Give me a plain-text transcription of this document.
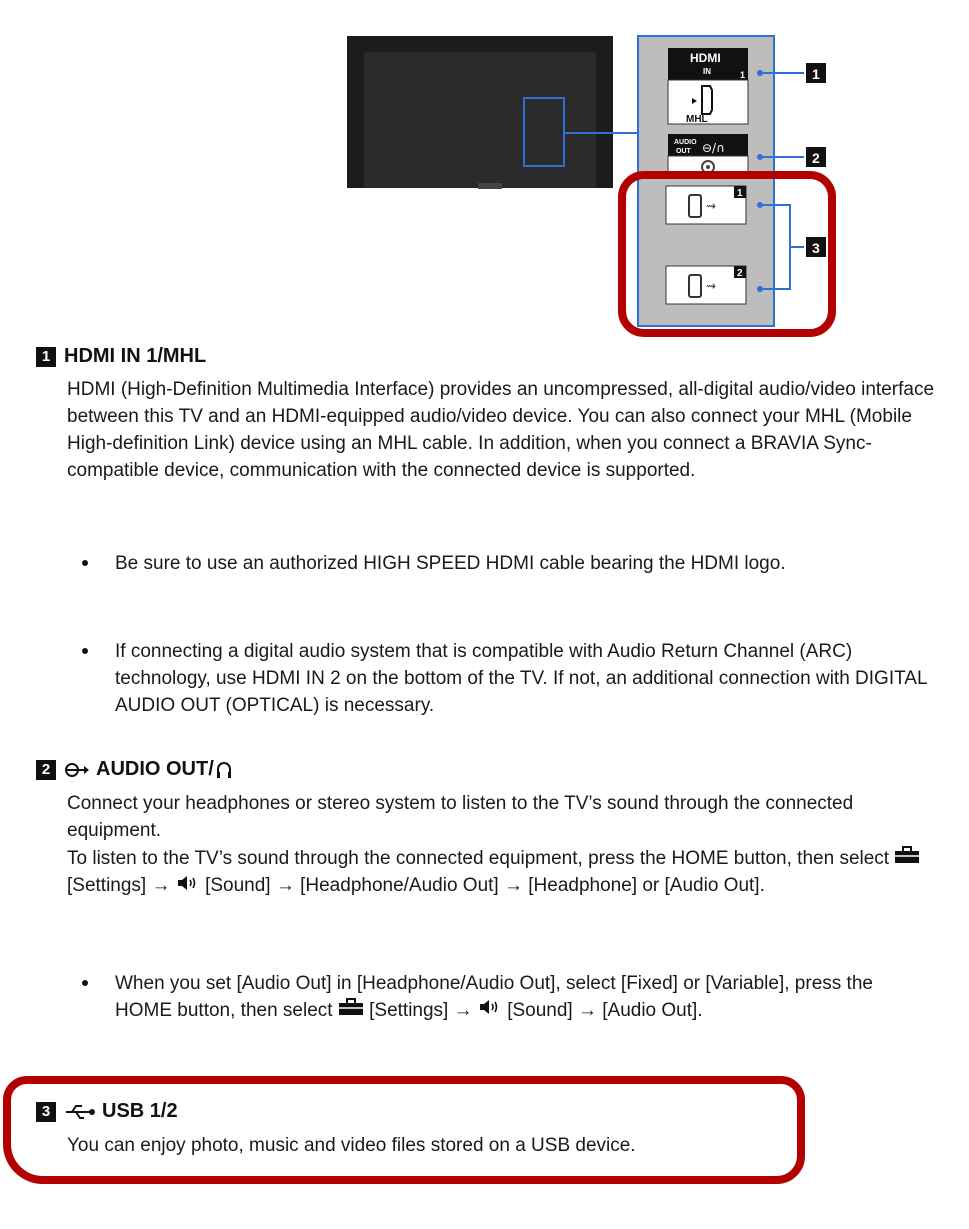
HDMI
IN	1
MHL
AUDIO
OUT ⊖/∩
⇝
1
⇝
2
1
2
3
1 HDMI IN 1/MHL

HDMI (High-Definition Multimedia Interface) provides an uncompressed, all-digital audio/video interface between this TV and an HDMI-equipped audio/video device. You can also connect your MHL (Mobile High-definition Link) device using an MHL cable. In addition, when you connect a BRAVIA Sync-compatible device, communication with the connected device is supported.

Be sure to use an authorized HIGH SPEED HDMI cable bearing the HDMI logo.

If connecting a digital audio system that is compatible with Audio Return Channel (ARC) technology, use HDMI IN 2 on the bottom of the TV. If not, an additional connection with DIGITAL AUDIO OUT (OPTICAL) is necessary.

2 AUDIO OUT/

Connect your headphones or stereo system to listen to the TV’s sound through the connected equipment.

To listen to the TV’s sound through the connected equipment, press the HOME button, then select  [Settings] → [Sound] → [Headphone/Audio Out] → [Headphone] or [Audio Out].

When you set [Audio Out] in [Headphone/Audio Out], select [Fixed] or [Variable], press the HOME button, then select [Settings] → [Sound] → [Audio Out].

3	USB 1/2

You can enjoy photo, music and video files stored on a USB device.
